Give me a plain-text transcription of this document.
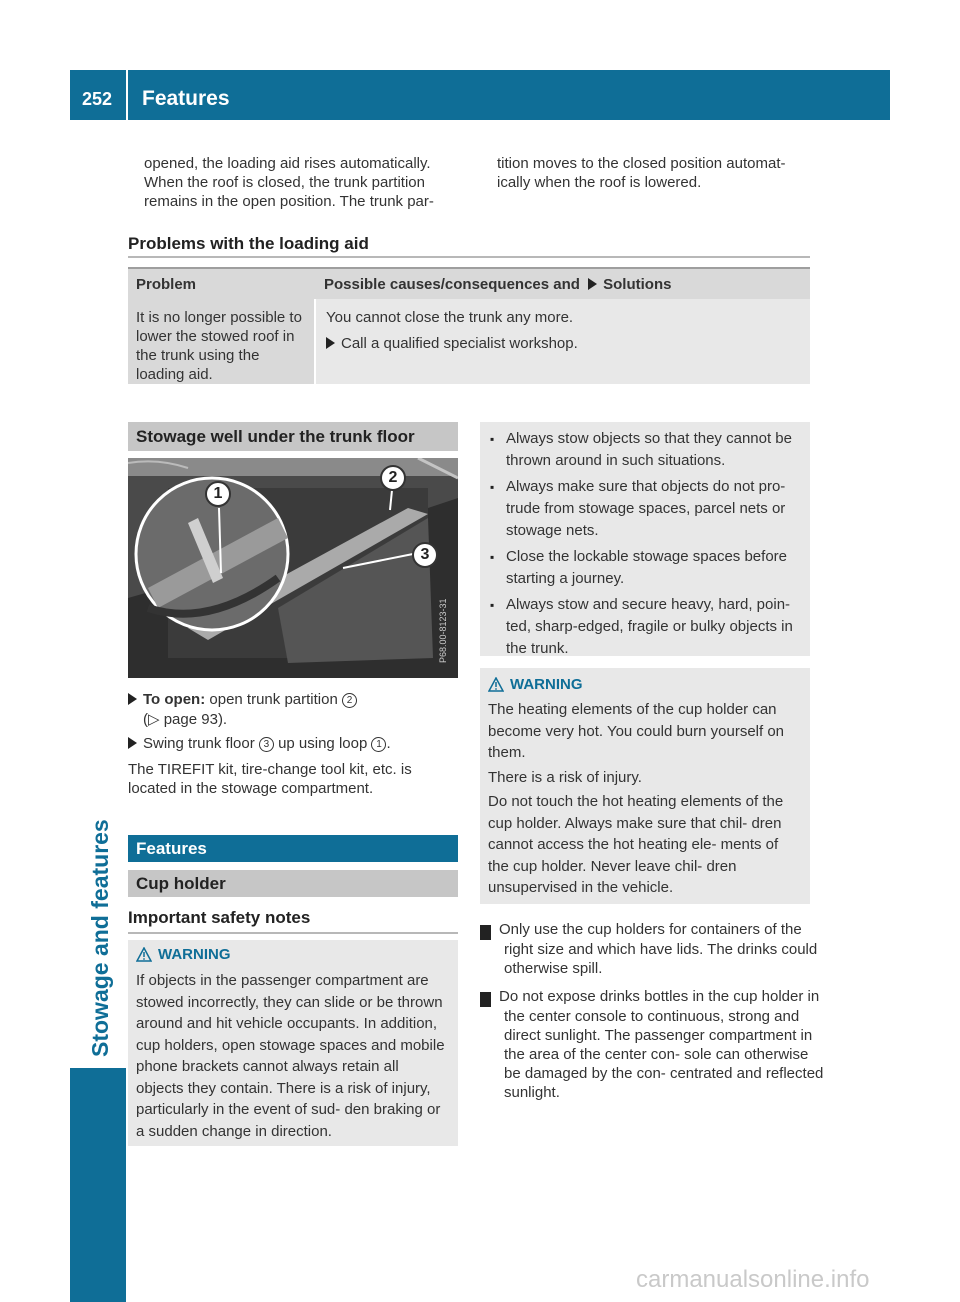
252 Features
Stowage and features

opened, the loading aid rises automatically. When the roof is closed, the trunk partition remains in the open position. The trunk par-

tition moves to the closed position automat- ically when the roof is lowered.

Problems with the loading aid
Problem	Possible causes/consequences and Solutions
It is no longer possible to lower the stowed roof in the trunk using the loading aid.
You cannot close the trunk any more.
Call a qualified specialist workshop.
Stowage well under the trunk floor
P68.00-8123-31
1
2
3
To open: open trunk partition 2
(▷ page 93).
Swing trunk floor 3 up using loop 1 .

The TIREFIT kit, tire-change tool kit, etc. is located in the stowage compartment.

Features
Cup holder
Important safety notes
WARNING
If objects in the passenger compartment are stowed incorrectly, they can slide or be thrown around and hit vehicle occupants. In addition, cup holders, open stowage spaces and mobile phone brackets cannot always retain all objects they contain. There is a risk of injury, particularly in the event of sud- den braking or a sudden change in direction.
▪ Always stow objects so that they cannot be thrown around in such situations.
▪ Always make sure that objects do not pro- trude from stowage spaces, parcel nets or stowage nets.
▪ Close the lockable stowage spaces before starting a journey.
▪ Always stow and secure heavy, hard, poin- ted, sharp-edged, fragile or bulky objects in the trunk.
WARNING
The heating elements of the cup holder can become very hot. You could burn yourself on them.
There is a risk of injury.
Do not touch the hot heating elements of the cup holder. Always make sure that chil- dren cannot access the hot heating ele- ments of the cup holder. Never leave chil- dren unsupervised in the vehicle.
! Only use the cup holders for containers of the right size and which have lids. The drinks could otherwise spill.
! Do not expose drinks bottles in the cup holder in the center console to continuous, strong and direct sunlight. The passenger compartment in the area of the center con- sole can otherwise be damaged by the con- centrated and reflected sunlight.
carmanualsonline.info
